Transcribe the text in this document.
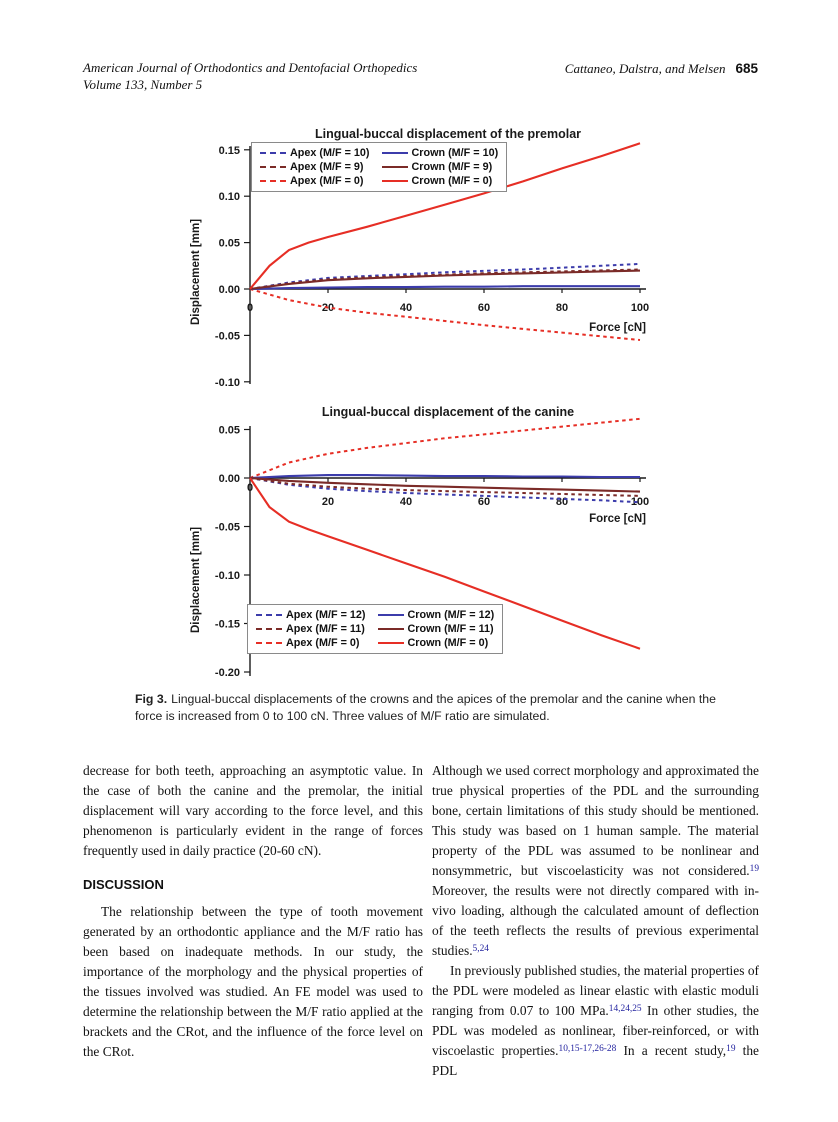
American Journal of Orthodontics and Dentofacial Orthopedics
Volume 133, Number 5
Cattaneo, Dalstra, and Melsen 685
Lingual-buccal displacement of the premolar
Displacement [mm]
0.15
0.10
0.05
0.00
-0.05
-0.10
0	20	40	60	80	100
Force [cN]
Apex (M/F = 10)
Apex (M/F = 9)
Apex (M/F = 0)
Crown (M/F = 10)
Crown (M/F = 9)
Crown (M/F = 0)
Lingual-buccal displacement of the canine
Displacement [mm]
0.05
0.00
-0.05
-0.10
-0.15
-0.20
0
20	40	60	80	100
Force [cN]
Apex (M/F = 12)
Apex (M/F = 11)
Apex (M/F = 0)
Crown (M/F = 12)
Crown (M/F = 11)
Crown (M/F = 0)
Fig 3. Lingual-buccal displacements of the crowns and the apices of the premolar and the canine when the force is increased from 0 to 100 cN. Three values of M/F ratio are simulated.

decrease for both teeth, approaching an asymptotic value. In the case of both the canine and the premolar, the initial displacement will vary according to the force level, and this phenomenon is particularly evident in the range of forces frequently used in daily practice (20-60 cN).

DISCUSSION

The relationship between the type of tooth movement generated by an orthodontic appliance and the M/F ratio has been based on inadequate methods. In our study, the importance of the morphology and the physical properties of the tissues involved was studied. An FE model was used to determine the relationship between the M/F ratio applied at the brackets and the CRot, and the influence of the force level on the CRot.

Although we used correct morphology and approximated the true physical properties of the PDL and the surrounding bone, certain limitations of this study should be mentioned. This study was based on 1 human sample. The material property of the PDL was assumed to be nonlinear and nonsymmetric, but viscoelasticity was not considered.$^{19}$ Moreover, the results were not directly compared with in-vivo loading, although the calculated amount of deflection of the teeth reflects the results of previous experimental studies.$^{5,24}$

In previously published studies, the material properties of the PDL were modeled as linear elastic with elastic moduli ranging from 0.07 to 100 MPa.$^{14,24,25}$ In other studies, the PDL was modeled as nonlinear, fiber-reinforced, or with viscoelastic properties.$^{10,15-17,26-28}$ In a recent study,$^{19}$ the PDL
